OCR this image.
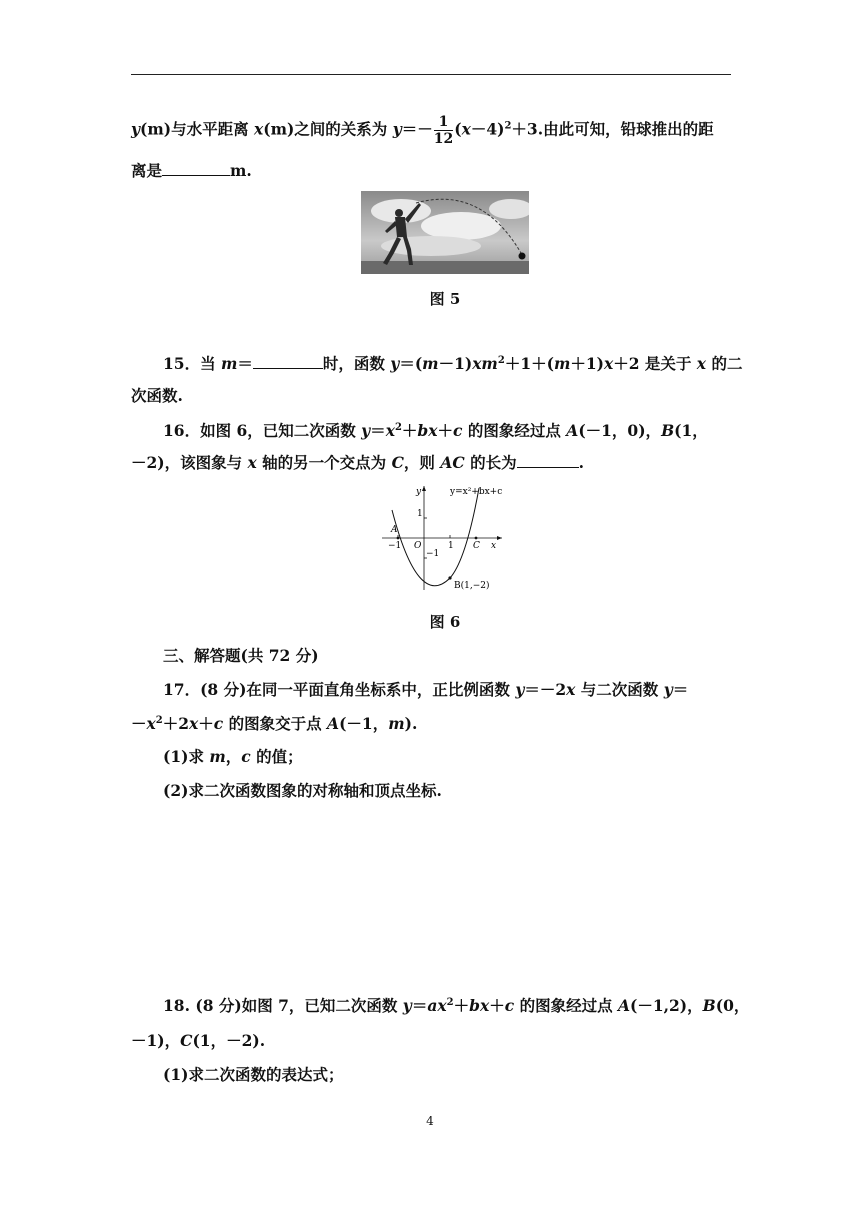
y(m)与水平距离 x(m)之间的关系为 $y=- \frac{1}{12} (x-4)^2+3$.由此可知，铅球推出的距
离是	m.
图 5
15．当 m＝	时，函数 $y=(m-1)xm^2+1+(m+1)x+2$ 是关于 x 的二
次函数.
16．如图 6，已知二次函数 $y=x^2+bx+c$ 的图象经过点 A(－1，0)，B(1，
－2)，该图象与 x 轴的另一个交点为 C，则 AC 的长为	.
y=x²+bx+c
y
x
O
A
C
B(1,−2)
1
−1
1
−1
图 6
三、解答题(共 72 分)
17．(8 分)在同一平面直角坐标系中，正比例函数 y＝－2x 与二次函数 y＝
$-x^2+2x+c$ 的图象交于点 A(－1，m).
(1)求 m，c 的值；
(2)求二次函数图象的对称轴和顶点坐标.
18. (8 分)如图 7，已知二次函数 $y=ax^2+bx+c$ 的图象经过点 A(－1,2)，B(0，
－1)，C(1，－2).
(1)求二次函数的表达式；
4
